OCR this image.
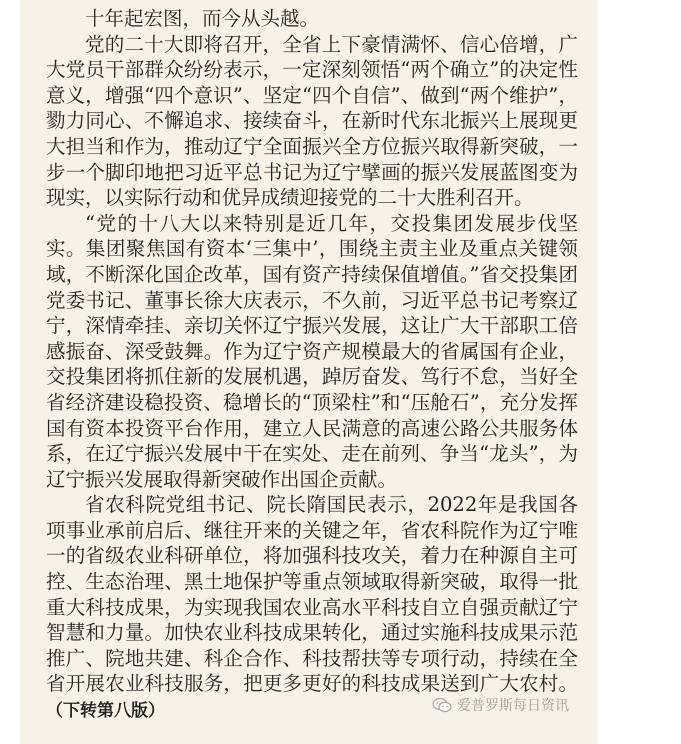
十年起宏图，而今从头越。

党的二十大即将召开，全省上下豪情满怀、信心倍增，广大党员干部群众纷纷表示，一定深刻领悟“两个确立”的决定性意义，增强“四个意识”、坚定“四个自信”、做到“两个维护”，勠力同心、不懈追求、接续奋斗，在新时代东北振兴上展现更大担当和作为，推动辽宁全面振兴全方位振兴取得新突破，一步一个脚印地把习近平总书记为辽宁擘画的振兴发展蓝图变为现实，以实际行动和优异成绩迎接党的二十大胜利召开。

“党的十八大以来特别是近几年，交投集团发展步伐坚实。集团聚焦国有资本‘三集中’，围绕主责主业及重点关键领域，不断深化国企改革，国有资产持续保值增值。”省交投集团党委书记、董事长徐大庆表示，不久前，习近平总书记考察辽宁，深情牵挂、亲切关怀辽宁振兴发展，这让广大干部职工倍感振奋、深受鼓舞。作为辽宁资产规模最大的省属国有企业，交投集团将抓住新的发展机遇，踔厉奋发、笃行不怠，当好全省经济建设稳投资、稳增长的“顶梁柱”和“压舱石”，充分发挥国有资本投资平台作用，建立人民满意的高速公路公共服务体系，在辽宁振兴发展中干在实处、走在前列、争当“龙头”，为辽宁振兴发展取得新突破作出国企贡献。

省农科院党组书记、院长隋国民表示，2022年是我国各项事业承前启后、继往开来的关键之年，省农科院作为辽宁唯一的省级农业科研单位，将加强科技攻关，着力在种源自主可控、生态治理、黑土地保护等重点领域取得新突破，取得一批重大科技成果，为实现我国农业高水平科技自立自强贡献辽宁智慧和力量。加快农业科技成果转化，通过实施科技成果示范推广、院地共建、科企合作、科技帮扶等专项行动，持续在全省开展农业科技服务，把更多更好的科技成果送到广大农村。（下转第八版）	爱普罗斯每日资讯
